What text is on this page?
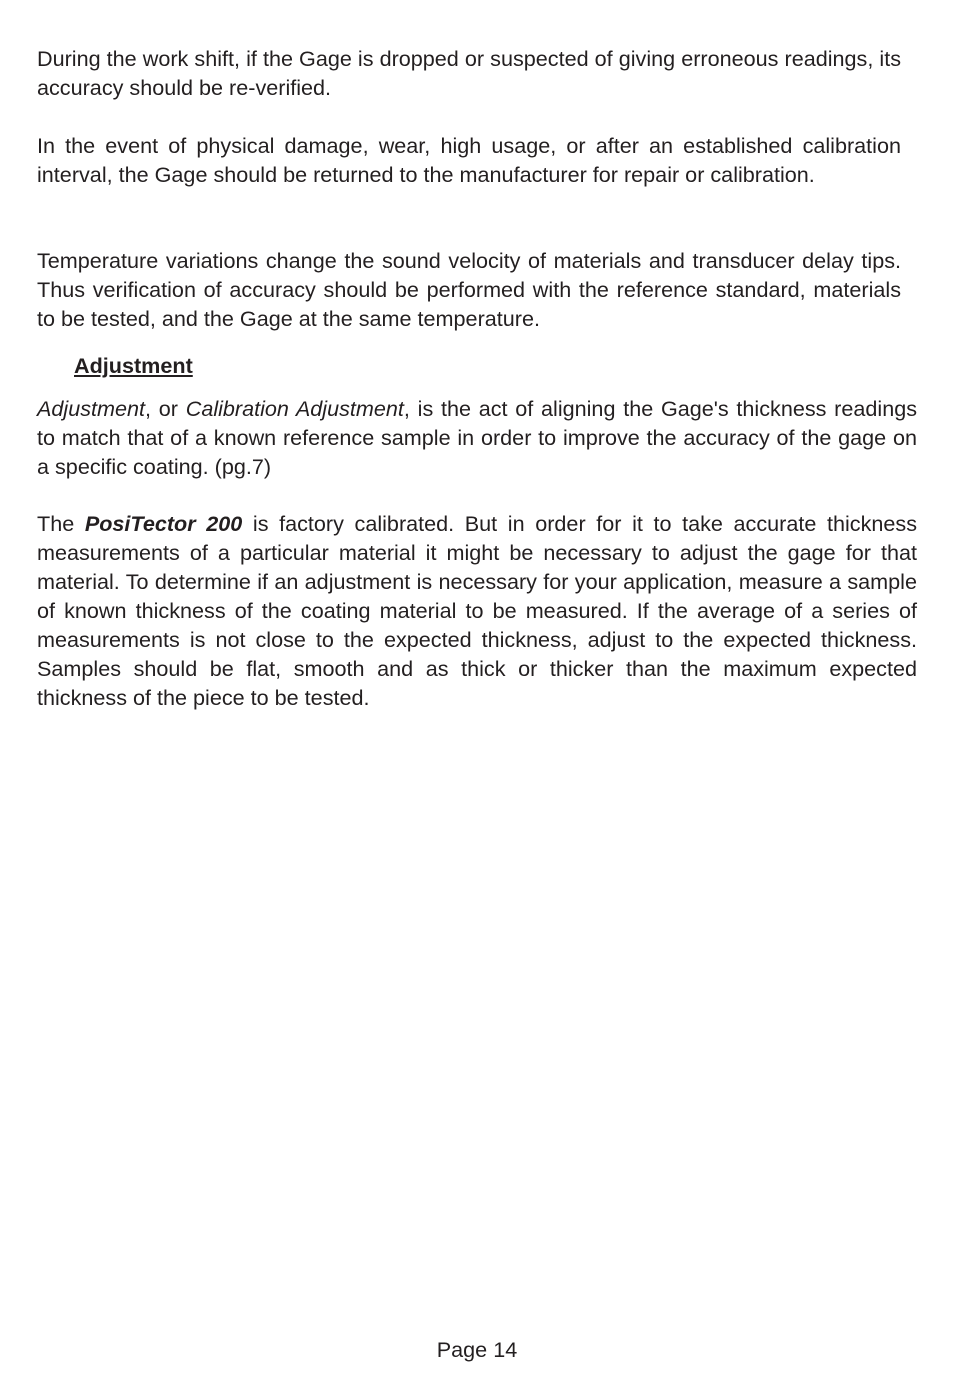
During the work shift, if the Gage is dropped or suspected of giving erroneous readings, its accuracy should be re-verified.

In the event of physical damage, wear, high usage, or after an established calibration interval, the Gage should be returned to the manufacturer for repair or calibration.

Temperature variations change the sound velocity of materials and transducer delay tips. Thus verification of accuracy should be performed with the reference standard, materials to be tested, and the Gage at the same temperature.

Adjustment

Adjustment, or Calibration Adjustment, is the act of aligning the Gage's thickness readings to match that of a known reference sample in order to improve the accuracy of the gage on a specific coating. (pg.7)

The PosiTector 200 is factory calibrated. But in order for it to take accurate thickness measurements of a particular material it might be necessary to adjust the gage for that material. To determine if an adjustment is necessary for your application, measure a sample of known thickness of the coating material to be measured. If the average of a series of measurements is not close to the expected thickness, adjust to the expected thickness. Samples should be flat, smooth and as thick or thicker than the maximum expected thickness of the piece to be tested.

Page 14
